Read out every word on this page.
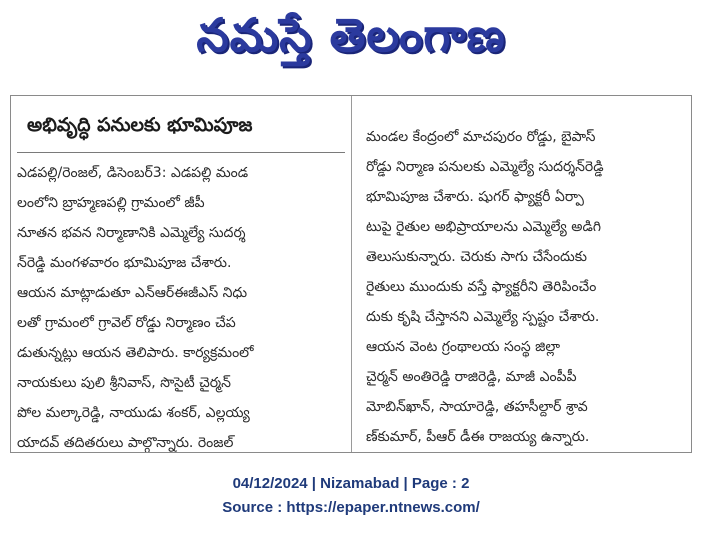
నమస్తే తెలంగాణ
అభివృద్ధి పనులకు భూమిపూజ
ఎడపల్లి/రెంజల్, డిసెంబర్3: ఎడపల్లి మండ
లంలోని బ్రాహ్మణపల్లి గ్రామంలో జీపీ
నూతన భవన నిర్మాణానికి ఎమ్మెల్యే సుదర్శ
న్‌రెడ్డి మంగళవారం భూమిపూజ చేశారు.
ఆయన మాట్లాడుతూ ఎన్‌ఆర్‌ఈజీఎస్ నిధు
లతో గ్రామంలో గ్రావెల్ రోడ్డు నిర్మాణం చేప
డుతున్నట్లు ఆయన తెలిపారు. కార్యక్రమంలో
నాయకులు పులి శ్రీనివాస్, సొసైటీ చైర్మన్
పోల మల్కారెడ్డి, నాయుడు శంకర్, ఎల్లయ్య
యాదవ్ తదితరులు పాల్గొన్నారు. రెంజల్
మండల కేంద్రంలో మాచపురం రోడ్డు, బైపాస్
రోడ్డు నిర్మాణ పనులకు ఎమ్మెల్యే సుదర్శన్‌రెడ్డి
భూమిపూజ చేశారు. షుగర్ ఫ్యాక్టరీ ఏర్పా
టుపై రైతుల అభిప్రాయాలను ఎమ్మెల్యే అడిగి
తెలుసుకున్నారు. చెరుకు సాగు చేసేందుకు
రైతులు ముందుకు వస్తే ఫ్యాక్టరీని తెరిపించేం
దుకు కృషి చేస్తానని ఎమ్మెల్యే స్పష్టం చేశారు.
ఆయన వెంట గ్రంథాలయ సంస్థ జిల్లా
చైర్మన్ అంతిరెడ్డి రాజిరెడ్డి, మాజీ ఎంపీపీ
మోబిన్‌ఖాన్, సాయారెడ్డి, తహసీల్దార్ శ్రావ
ణ్‌కుమార్, పీఆర్ డీఈ రాజయ్య ఉన్నారు.
04/12/2024 | Nizamabad | Page : 2
Source : https://epaper.ntnews.com/
